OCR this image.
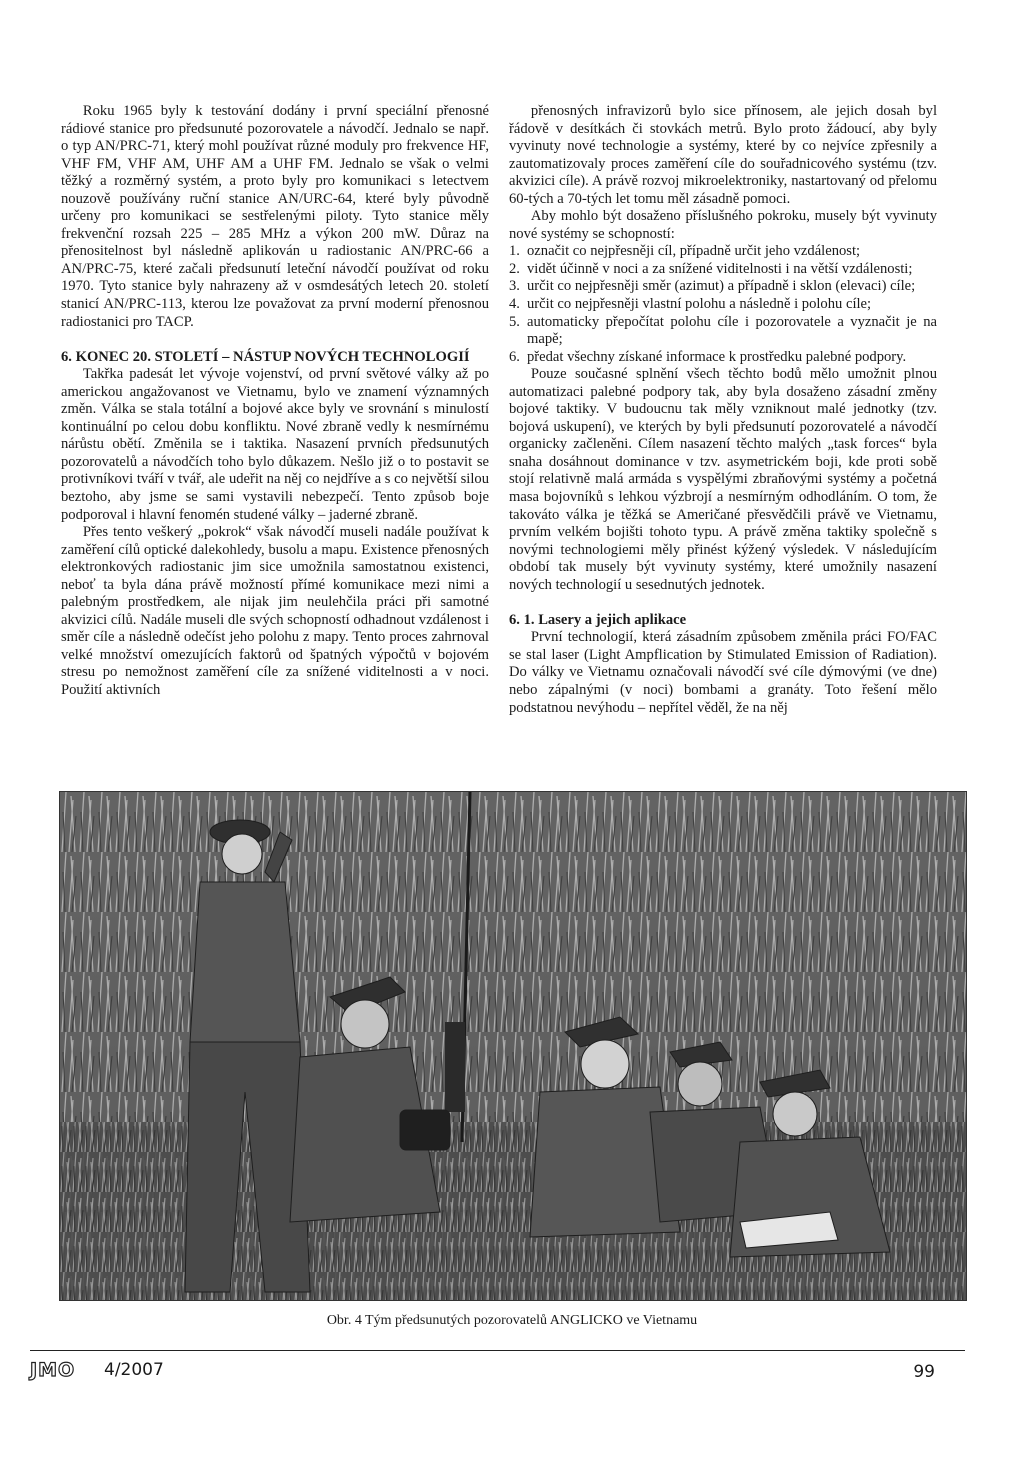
Roku 1965 byly k testování dodány i první speciální přenosné rádiové stanice pro předsunuté pozorovatele a návodčí. Jednalo se např. o typ AN/PRC-71, který mohl používat různé moduly pro frekvence HF, VHF FM, VHF AM, UHF AM a UHF FM. Jednalo se však o velmi těžký a rozměrný systém, a proto byly pro komunikaci s letectvem nouzově používány ruční stanice AN/URC-64, které byly původně určeny pro komunikaci se sestřelenými piloty. Tyto stanice měly frekvenční rozsah 225 – 285 MHz a výkon 200 mW. Důraz na přenositelnost byl následně aplikován u radiostanic AN/PRC-66 a AN/PRC-75, které začali předsunutí leteční návodčí používat od roku 1970. Tyto stanice byly nahrazeny až v osmdesátých letech 20. století stanicí AN/PRC-113, kterou lze považovat za první moderní přenosnou radiostanici pro TACP.

6. KONEC 20. STOLETÍ – NÁSTUP NOVÝCH TECHNOLOGIÍ

Takřka padesát let vývoje vojenství, od první světové války až po americkou angažovanost ve Vietnamu, bylo ve znamení významných změn. Válka se stala totální a bojové akce byly ve srovnání s minulostí kontinuální po celou dobu konfliktu. Nové zbraně vedly k nesmírnému nárůstu obětí. Změnila se i taktika. Nasazení prvních předsunutých pozorovatelů a návodčích toho bylo důkazem. Nešlo již o to postavit se protivníkovi tváří v tvář, ale udeřit na něj co nejdříve a s co největší silou beztoho, aby jsme se sami vystavili nebezpečí. Tento způsob boje podporoval i hlavní fenomén studené války – jaderné zbraně.

Přes tento veškerý „pokrok“ však návodčí museli nadále používat k zaměření cílů optické dalekohledy, busolu a mapu. Existence přenosných elektronkových radiostanic jim sice umožnila samostatnou existenci, neboť ta byla dána právě možností přímé komunikace mezi nimi a palebným prostředkem, ale nijak jim neulehčila práci při samotné akvizici cílů. Nadále museli dle svých schopností odhadnout vzdálenost i směr cíle a následně odečíst jeho polohu z mapy. Tento proces zahrnoval velké množství omezujících faktorů od špatných výpočtů v bojovém stresu po nemožnost zaměření cíle za snížené viditelnosti a v noci. Použití aktivních

přenosných infravizorů bylo sice přínosem, ale jejich dosah byl řádově v desítkách či stovkách metrů. Bylo proto žádoucí, aby byly vyvinuty nové technologie a systémy, které by co nejvíce zpřesnily a zautomatizovaly proces zaměření cíle do souřadnicového systému (tzv. akvizici cíle). A právě rozvoj mikroelektroniky, nastartovaný od přelomu 60-tých a 70-tých let tomu měl zásadně pomoci.

Aby mohlo být dosaženo příslušného pokroku, musely být vyvinuty nové systémy se schopností:

1. označit co nejpřesněji cíl, případně určit jeho vzdálenost;
2. vidět účinně v noci a za snížené viditelnosti i na větší vzdálenosti;
3. určit co nejpřesněji směr (azimut) a případně i sklon (elevaci) cíle;
4. určit co nejpřesněji vlastní polohu a následně i polohu cíle;
5. automaticky přepočítat polohu cíle i pozorovatele a vyznačit je na mapě;
6. předat všechny získané informace k prostředku palebné podpory.

Pouze současné splnění všech těchto bodů mělo umožnit plnou automatizaci palebné podpory tak, aby byla dosaženo zásadní změny bojové taktiky. V budoucnu tak měly vzniknout malé jednotky (tzv. bojová uskupení), ve kterých by byli předsunutí pozorovatelé a návodčí organicky začleněni. Cílem nasazení těchto malých „task forces“ byla snaha dosáhnout dominance v tzv. asymetrickém boji, kde proti sobě stojí relativně malá armáda s vyspělými zbraňovými systémy a početná masa bojovníků s lehkou výzbrojí a nesmírným odhodláním. O tom, že takováto válka je těžká se Američané přesvědčili právě ve Vietnamu, prvním velkém bojišti tohoto typu. A právě změna taktiky společně s novými technologiemi měly přinést kýžený výsledek. V následujícím období tak musely být vyvinuty systémy, které umožnily nasazení nových technologií u sesednutých jednotek.

6. 1. Lasery a jejich aplikace

První technologií, která zásadním způsobem změnila práci FO/FAC se stal laser (Light Ampflication by Stimulated Emission of Radiation). Do války ve Vietnamu označovali návodčí své cíle dýmovými (ve dne) nebo zápalnými (v noci) bombami a granáty. Toto řešení mělo podstatnou nevýhodu – nepřítel věděl, že na něj

Obr. 4 Tým předsunutých pozorovatelů ANGLICKO ve Vietnamu
JMO 4/2007	99
